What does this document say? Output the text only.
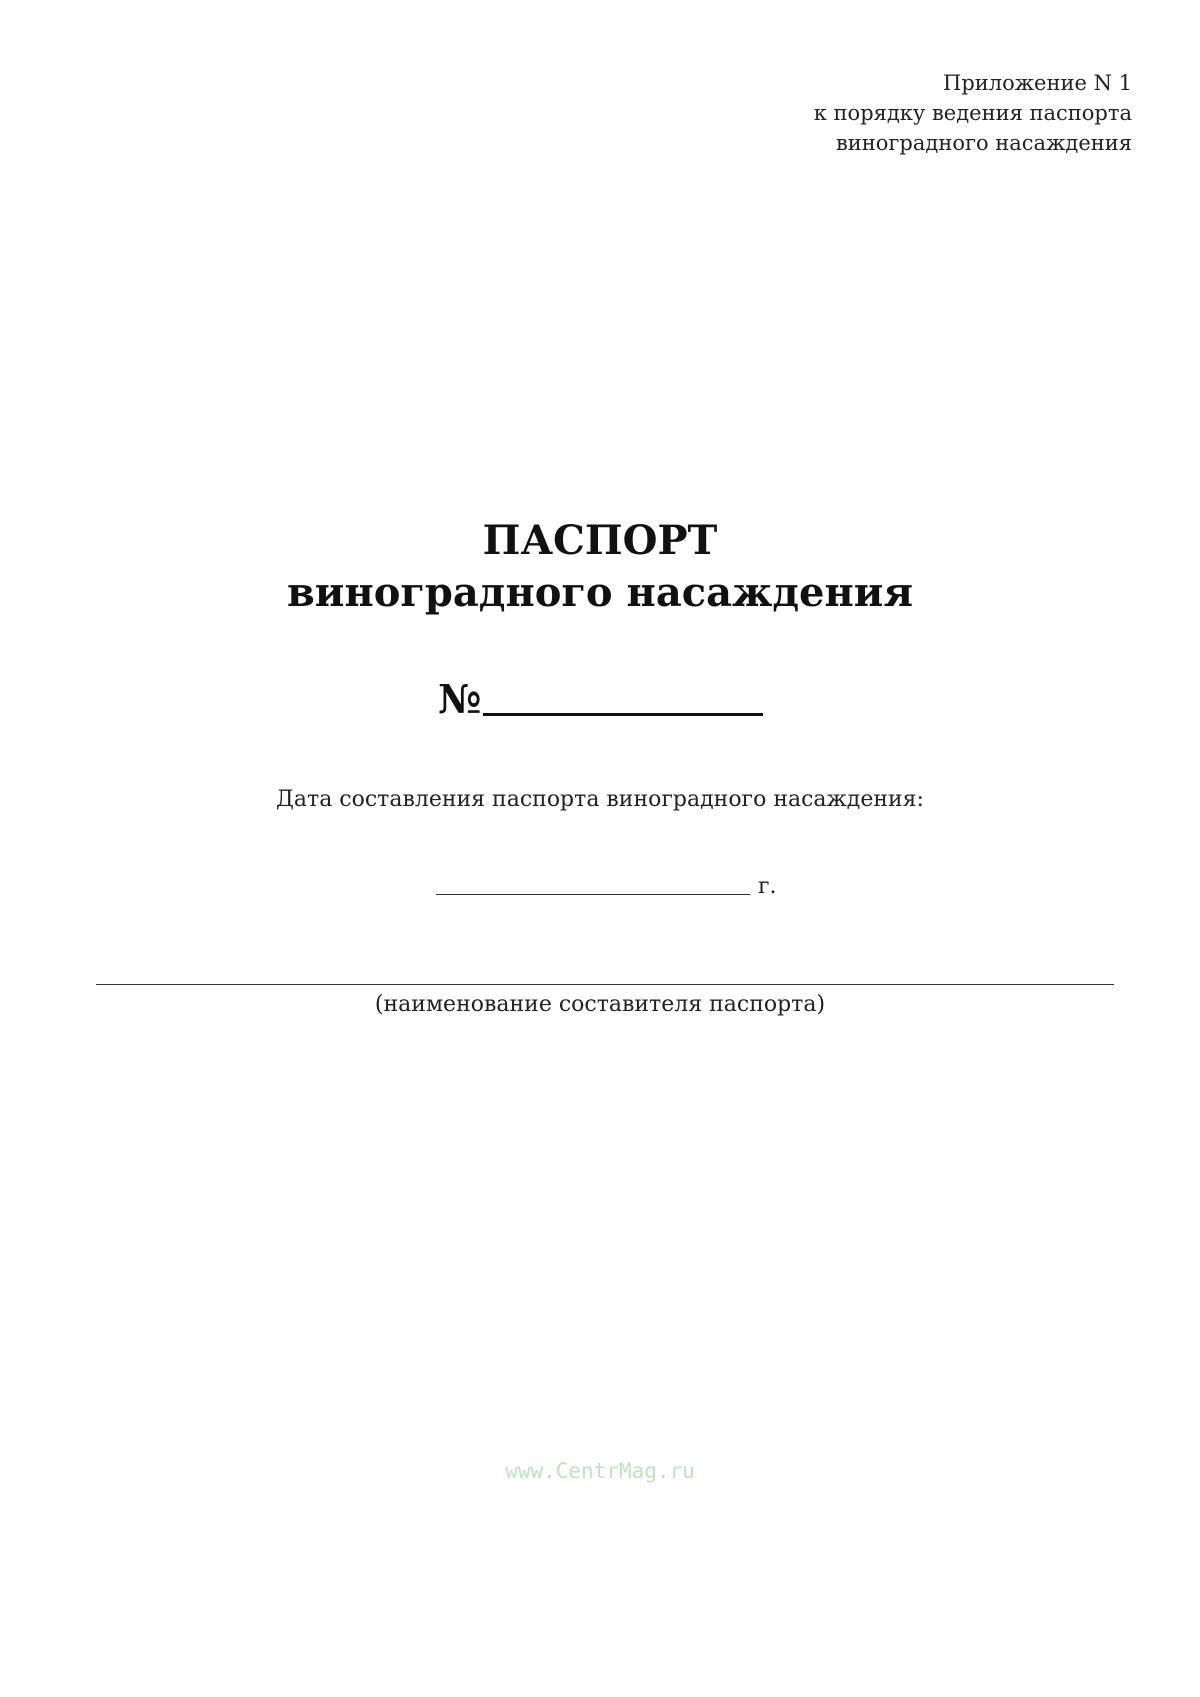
Приложение N 1
к порядку ведения паспорта
виноградного насаждения
ПАСПОРТ
виноградного насаждения
№
Дата составления паспорта виноградного насаждения:
г.
(наименование составителя паспорта)
www.CentrMag.ru
